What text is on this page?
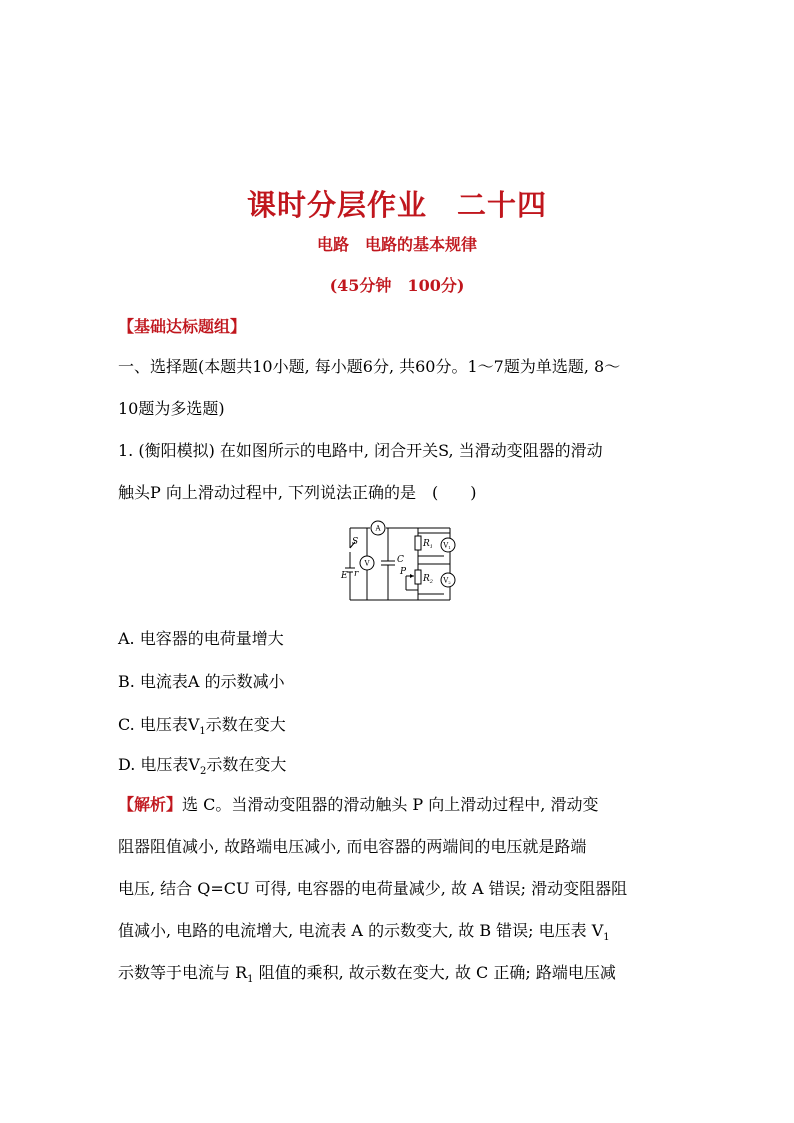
课时分层作业　二十四
电路　电路的基本规律
(45分钟　100分)
【基础达标题组】
一、选择题(本题共10小题, 每小题6分, 共60分。1～7题为单选题, 8～
10题为多选题)
1. (衡阳模拟) 在如图所示的电路中, 闭合开关S, 当滑动变阻器的滑动
触头P 向上滑动过程中, 下列说法正确的是　(　　)
A
V
$V_1$
$V_2$
S
E r
C
$R_1$
$R_2$
P
A. 电容器的电荷量增大
B. 电流表A 的示数减小
C. 电压表$V_1$示数在变大
D. 电压表$V_2$示数在变大
【解析】选 C。当滑动变阻器的滑动触头 P 向上滑动过程中, 滑动变
阻器阻值减小, 故路端电压减小, 而电容器的两端间的电压就是路端
电压, 结合 Q=CU 可得, 电容器的电荷量减少, 故 A 错误; 滑动变阻器阻
值减小, 电路的电流增大, 电流表 A 的示数变大, 故 B 错误; 电压表 $V_1$
示数等于电流与 $R_1$ 阻值的乘积, 故示数在变大, 故 C 正确; 路端电压减
